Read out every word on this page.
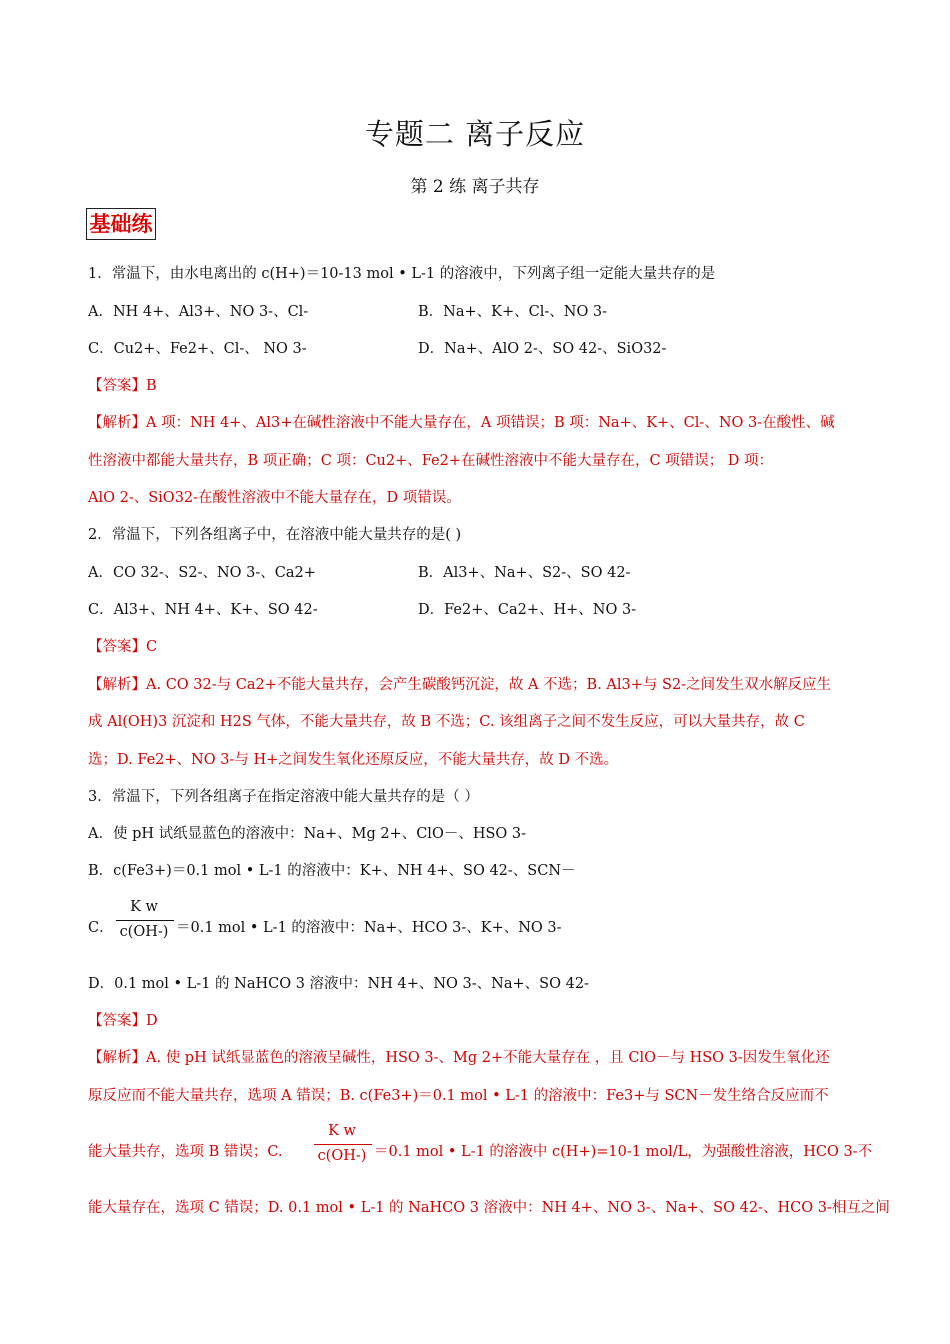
专题二 离子反应
第 2 练 离子共存
基础练
1．常温下，由水电离出的 c(H+)＝10-13 mol • L-1 的溶液中，下列离子组一定能大量共存的是
A．NH 4+、Al3+、NO 3-、Cl-	B．Na+、K+、Cl-、NO 3-
C．Cu2+、Fe2+、Cl-、 NO 3-	D．Na+、AlO 2-、SO 42-、SiO32-
【答案】B
【解析】A 项：NH 4+、Al3+在碱性溶液中不能大量存在，A 项错误；B 项：Na+、K+、Cl-、NO 3-在酸性、碱
性溶液中都能大量共存，B 项正确；C 项：Cu2+、Fe2+在碱性溶液中不能大量存在，C 项错误； D 项：
AlO 2-、SiO32-在酸性溶液中不能大量存在，D 项错误。
2．常温下，下列各组离子中，在溶液中能大量共存的是( )
A．CO 32-、S2-、NO 3-、Ca2+	B．Al3+、Na+、S2-、SO 42-
C．Al3+、NH 4+、K+、SO 42-	D．Fe2+、Ca2+、H+、NO 3-
【答案】C
【解析】A. CO 32-与 Ca2+不能大量共存，会产生碳酸钙沉淀，故 A 不选；B. Al3+与 S2-之间发生双水解反应生
成 Al(OH)3 沉淀和 H2S 气体，不能大量共存，故 B 不选；C. 该组离子之间不发生反应，可以大量共存，故 C
选；D. Fe2+、NO 3-与 H+之间发生氧化还原反应，不能大量共存，故 D 不选。
3．常温下，下列各组离子在指定溶液中能大量共存的是（ ）
A．使 pH 试纸显蓝色的溶液中：Na+、Mg 2+、ClO－、HSO 3-
B．c(Fe3+)＝0.1 mol • L-1 的溶液中：K+、NH 4+、SO 42-、SCN－
C．
K w
c(OH-) ＝0.1 mol • L-1 的溶液中：Na+、HCO 3-、K+、NO 3-
D．0.1 mol • L-1 的 NaHCO 3 溶液中：NH 4+、NO 3-、Na+、SO 42-
【答案】D
【解析】A. 使 pH 试纸显蓝色的溶液呈碱性，HSO 3-、Mg 2+不能大量存在 ，且 ClO－与 HSO 3-因发生氧化还
原反应而不能大量共存，选项 A 错误；B. c(Fe3+)＝0.1 mol • L-1 的溶液中：Fe3+与 SCN－发生络合反应而不
能大量共存，选项 B 错误；C.
K w
c(OH-) ＝0.1 mol • L-1 的溶液中 c(H+)=10-1 mol/L，为强酸性溶液，HCO 3-不
能大量存在，选项 C 错误；D. 0.1 mol • L-1 的 NaHCO 3 溶液中：NH 4+、NO 3-、Na+、SO 42-、HCO 3-相互之间
